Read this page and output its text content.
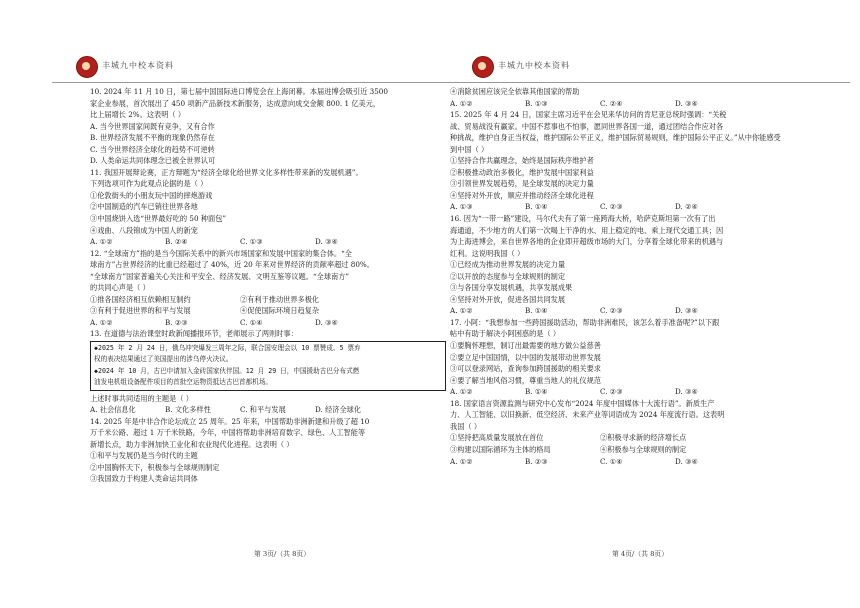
丰城九中校本资料
10. 2024 年 11 月 10 日，第七届中国国际进口博览会在上海闭幕。本届进博会吸引近 3500
家企业参展，首次展出了 450 项新产品新技术新服务，达成意向成交金额 800. 1 亿美元，
比上届增长 2%。这表明（ ）
A. 当今世界国家间既有竞争，又有合作
B. 世界经济发展不平衡的现象仍然存在
C. 当今世界经济全球化的趋势不可逆转
D. 人类命运共同体理念已被全世界认可
11. 我国开展辩论赛，正方辩题为“经济全球化给世界文化多样性带来新的发展机遇”。
下列选项可作为此观点论据的是（ ）
①伦敦街头的小朋友玩中国的摔炮游戏
②中国制造的汽车已销往世界各地
③中国烧饼入选“世界最好吃的 50 种面包”
④戏曲、八段锦成为中国人的新宠
A. ①②	B. ②④	C. ①③	D. ③④
12. “全球南方”指的是当今国际关系中的新兴市场国家和发展中国家的集合体。“全
球南方”占世界经济的比重已经超过了 40%，近 20 年来对世界经济的贡献率超过 80%。
“全球南方”国家普遍关心关注和平安全、经济发展、文明互鉴等议题。“全球南方”
的共同心声是（ ）
①推各国经济相互依赖相互制约	②有利于推动世界多极化
③有利于促进世界的和平与发展	④促使国际环境日趋复杂
A. ①②	B. ②③	C. ①④	D. ③④
13. 在道德与法治课堂时政新闻播报环节，老师展示了两则时事：
◆2025 年 2 月 24 日，俄乌冲突爆发三周年之际，联合国安理会以 10 票赞成、5 票弃
权的表决结果通过了美国提出的涉乌停火决议。
◆2024 年 10 月，古巴申请加入金砖国家伙伴国。12 月 29 日，中国援助古巴分布式燃
油发电机组设备配件项目的首批空运物资抵达古巴首都机场。
上述时事共同适用的主题是（ ）
A. 社会信息化	B. 文化多样性	C. 和平与发展	D. 经济全球化
14. 2025 年是中非合作论坛成立 25 周年。25 年来，中国帮助非洲新建和升级了超 10
万千米公路、超过 1 万千米铁路，今年，中国将帮助非洲培育数字、绿色、人工智能等
新增长点，助力非洲加快工业化和农业现代化进程。这表明（ ）
①和平与发展仍是当今时代的主题
②中国胸怀天下，积极参与全球规则制定
③我国致力于构建人类命运共同体
第 3页/（共 8页）
丰城九中校本资料
④消除贫困应该完全依靠其他国家的帮助
A. ①②	B. ①③	C. ②④	D. ③④
15. 2025 年 4 月 24 日，国家主席习近平在会见来华访问的肯尼亚总统时强调：“关税
战、贸易战没有赢家。中国不惹事也不怕事，愿同世界各国一道，通过团结合作应对各
种挑战，维护自身正当权益，维护国际公平正义，维护国际贸易规则，维护国际公平正义。”从中你能感受
到中国（ ）
①坚持合作共赢理念，始终是国际秩序维护者
②积极推动政治多极化，维护发展中国家利益
③引领世界发展趋势，是全球发展的决定力量
④坚持对外开放，顺应并推动经济全球化进程
A. ①③	B. ①④	C. ②③	D. ②④
16. 因为“一带一路”建设，马尔代夫有了第一座跨海大桥，哈萨克斯坦第一次有了出
海通道，不少地方的人们第一次喝上干净的水、用上稳定的电、乘上现代交通工具；因
为上海进博会，来自世界各地的企业即开超级市场的大门，分享着全球化带来的机遇与
红利。这说明我国（ ）
①已经成为推动世界发展的决定力量
②以开放的态度参与全球规则的制定
③与各国分享发展机遇，共享发展成果
④坚持对外开放，促进各国共同发展
A. ①②	B. ①④	C. ②③	D. ③④
17. 小阿：“我想参加一些跨国援助活动，帮助非洲难民，该怎么着手准备呢?”以下跟
帖中有助于解决小阿困惑的是（ ）
①要胸怀理想，制订出最需要的地方做公益慈善
②要立足中国国情，以中国的发展带动世界发展
③可以登录网站，查询参加跨国援助的相关要求
④要了解当地风俗习惯，尊重当地人的礼仪规范
A. ①②	B. ①④	C. ②③	D. ③④
18. 国家语言资源监测与研究中心发布“2024 年度中国媒体十大流行语”。新质生产
力、人工智能、以旧换新、低空经济、未来产业等词语成为 2024 年度流行语。这表明
我国（ ）
①坚持把高质量发展放在首位	②积极寻求新的经济增长点
③构建以国际循环为主体的格局	④积极参与全球规则的制定
A. ①②	B. ②③	C. ①④	D. ③④
第 4页/（共 8页）
